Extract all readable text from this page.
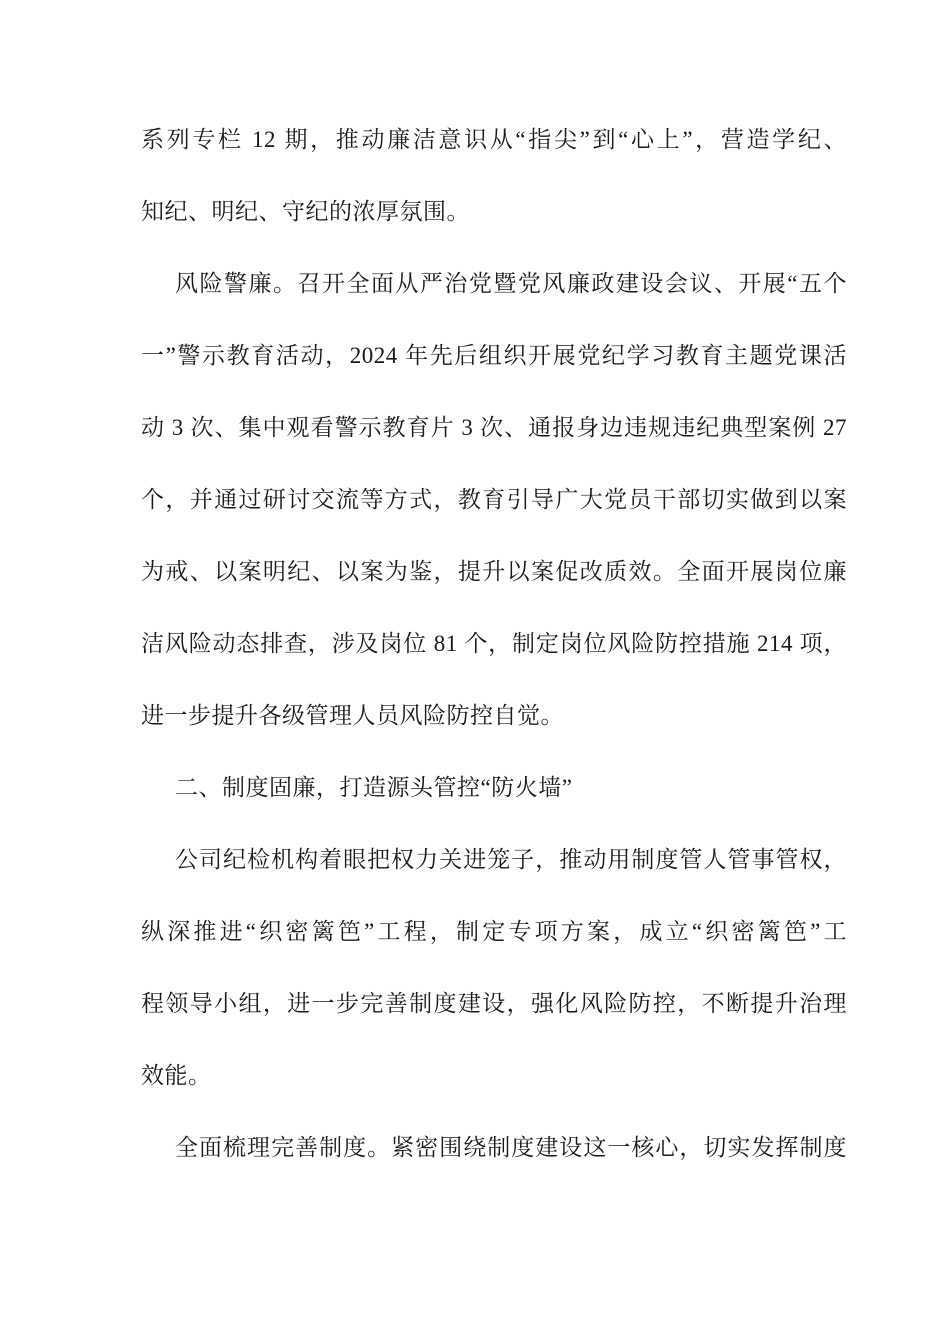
系列专栏 12 期，推动廉洁意识从“指尖”到“心上”，营造学纪、
知纪、明纪、守纪的浓厚氛围。
风险警廉。召开全面从严治党暨党风廉政建设会议、开展“五个
一”警示教育活动，2024 年先后组织开展党纪学习教育主题党课活
动 3 次、集中观看警示教育片 3 次、通报身边违规违纪典型案例 27
个，并通过研讨交流等方式，教育引导广大党员干部切实做到以案
为戒、以案明纪、以案为鉴，提升以案促改质效。全面开展岗位廉
洁风险动态排查，涉及岗位 81 个，制定岗位风险防控措施 214 项，
进一步提升各级管理人员风险防控自觉。
二、制度固廉，打造源头管控“防火墙”
公司纪检机构着眼把权力关进笼子，推动用制度管人管事管权，
纵深推进“织密篱笆”工程，制定专项方案，成立“织密篱笆”工
程领导小组，进一步完善制度建设，强化风险防控，不断提升治理
效能。
全面梳理完善制度。紧密围绕制度建设这一核心，切实发挥制度
